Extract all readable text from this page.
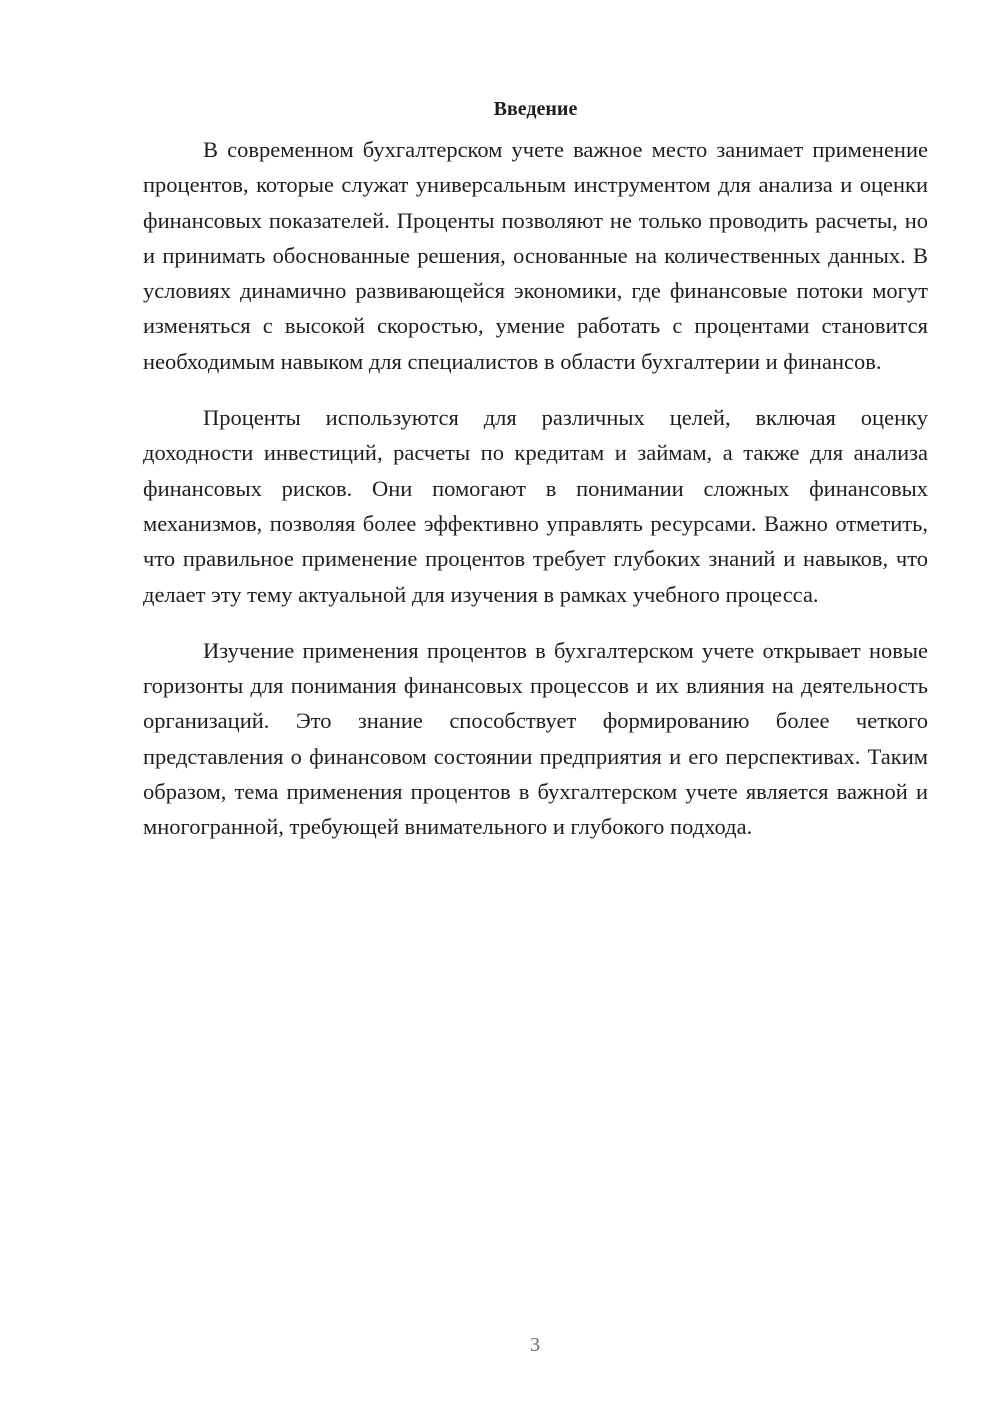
Введение

В современном бухгалтерском учете важное место занимает применение процентов, которые служат универсальным инструментом для анализа и оценки финансовых показателей. Проценты позволяют не только проводить расчеты, но и принимать обоснованные решения, основанные на количественных данных. В условиях динамично развивающейся экономики, где финансовые потоки могут изменяться с высокой скоростью, умение работать с процентами становится необходимым навыком для специалистов в области бухгалтерии и финансов.

Проценты используются для различных целей, включая оценку доходности инвестиций, расчеты по кредитам и займам, а также для анализа финансовых рисков. Они помогают в понимании сложных финансовых механизмов, позволяя более эффективно управлять ресурсами. Важно отметить, что правильное применение процентов требует глубоких знаний и навыков, что делает эту тему актуальной для изучения в рамках учебного процесса.

Изучение применения процентов в бухгалтерском учете открывает новые горизонты для понимания финансовых процессов и их влияния на деятельность организаций. Это знание способствует формированию более четкого представления о финансовом состоянии предприятия и его перспективах. Таким образом, тема применения процентов в бухгалтерском учете является важной и многогранной, требующей внимательного и глубокого подхода.

3
